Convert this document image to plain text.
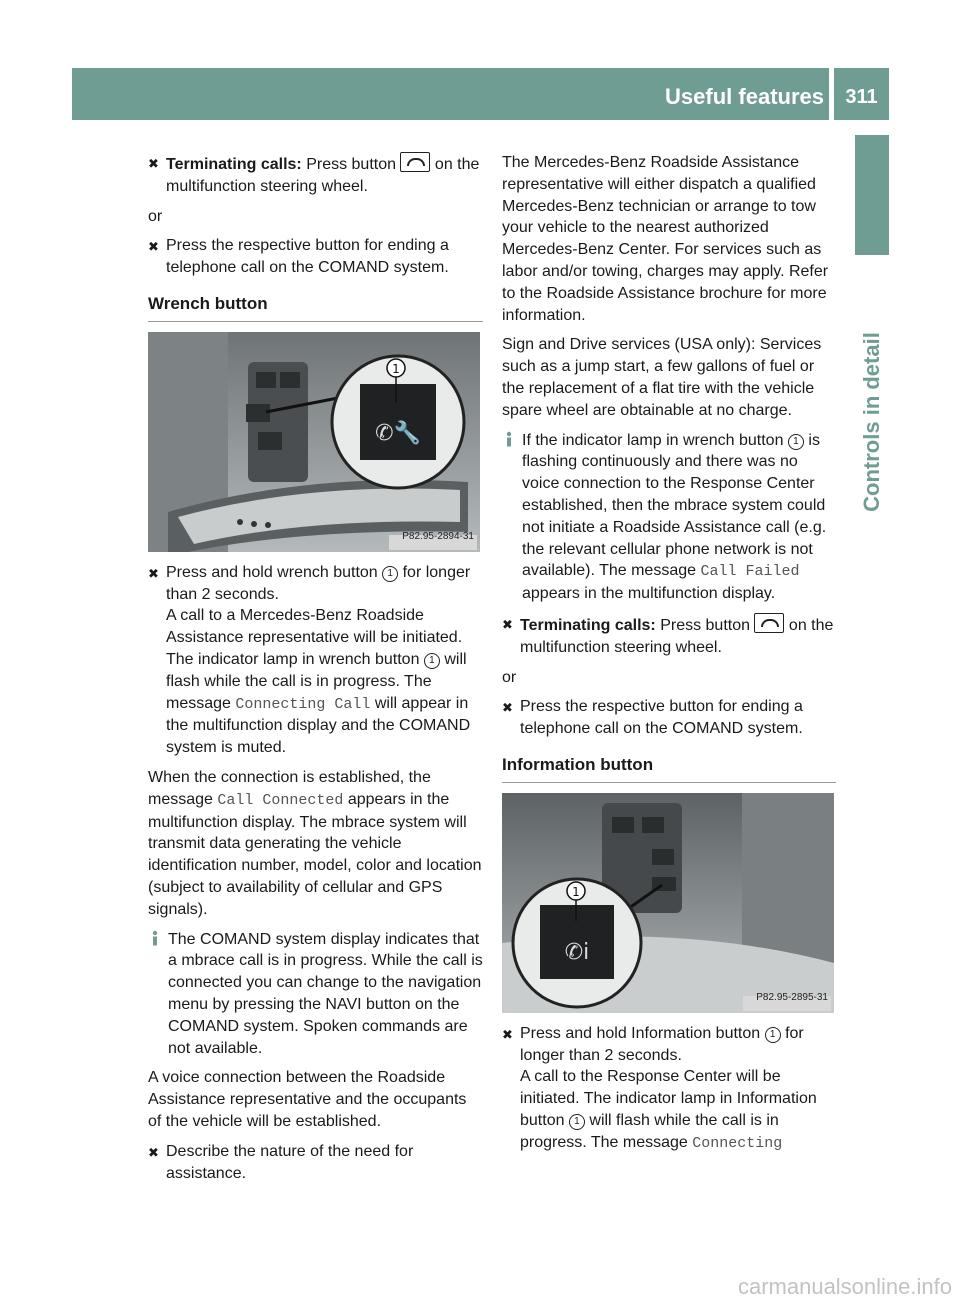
Useful features	311
Controls in detail
✖ Terminating calls: Press button on the multifunction steering wheel.
or
✖ Press the respective button for ending a telephone call on the COMAND system.
Wrench button
✆🔧
1
P82.95-2894-31
✖ Press and hold wrench button 1 for longer than 2 seconds.
A call to a Mercedes-Benz Roadside Assistance representative will be initiated. The indicator lamp in wrench button 1 will flash while the call is in progress. The message Connecting Call will appear in the multifunction display and the COMAND system is muted.

When the connection is established, the message Call Connected appears in the multifunction display. The mbrace system will transmit data generating the vehicle identification number, model, color and location (subject to availability of cellular and GPS signals).

The COMAND system display indicates that a mbrace call is in progress. While the call is connected you can change to the navigation menu by pressing the NAVI button on the COMAND system. Spoken commands are not available.

A voice connection between the Roadside Assistance representative and the occupants of the vehicle will be established.

✖ Describe the nature of the need for assistance.

The Mercedes-Benz Roadside Assistance representative will either dispatch a qualified Mercedes-Benz technician or arrange to tow your vehicle to the nearest authorized Mercedes-Benz Center. For services such as labor and/or towing, charges may apply. Refer to the Roadside Assistance brochure for more information.

Sign and Drive services (USA only): Services such as a jump start, a few gallons of fuel or the replacement of a flat tire with the vehicle spare wheel are obtainable at no charge.

If the indicator lamp in wrench button 1 is flashing continuously and there was no voice connection to the Response Center established, then the mbrace system could not initiate a Roadside Assistance call (e.g. the relevant cellular phone network is not available). The message Call Failed appears in the multifunction display.
✖ Terminating calls: Press button on the multifunction steering wheel.
or
✖ Press the respective button for ending a telephone call on the COMAND system.
Information button
✆i
1
P82.95-2895-31
✖ Press and hold Information button 1 for longer than 2 seconds.
A call to the Response Center will be initiated. The indicator lamp in Information button 1 will flash while the call is in progress. The message Connecting
carmanualsonline.info
